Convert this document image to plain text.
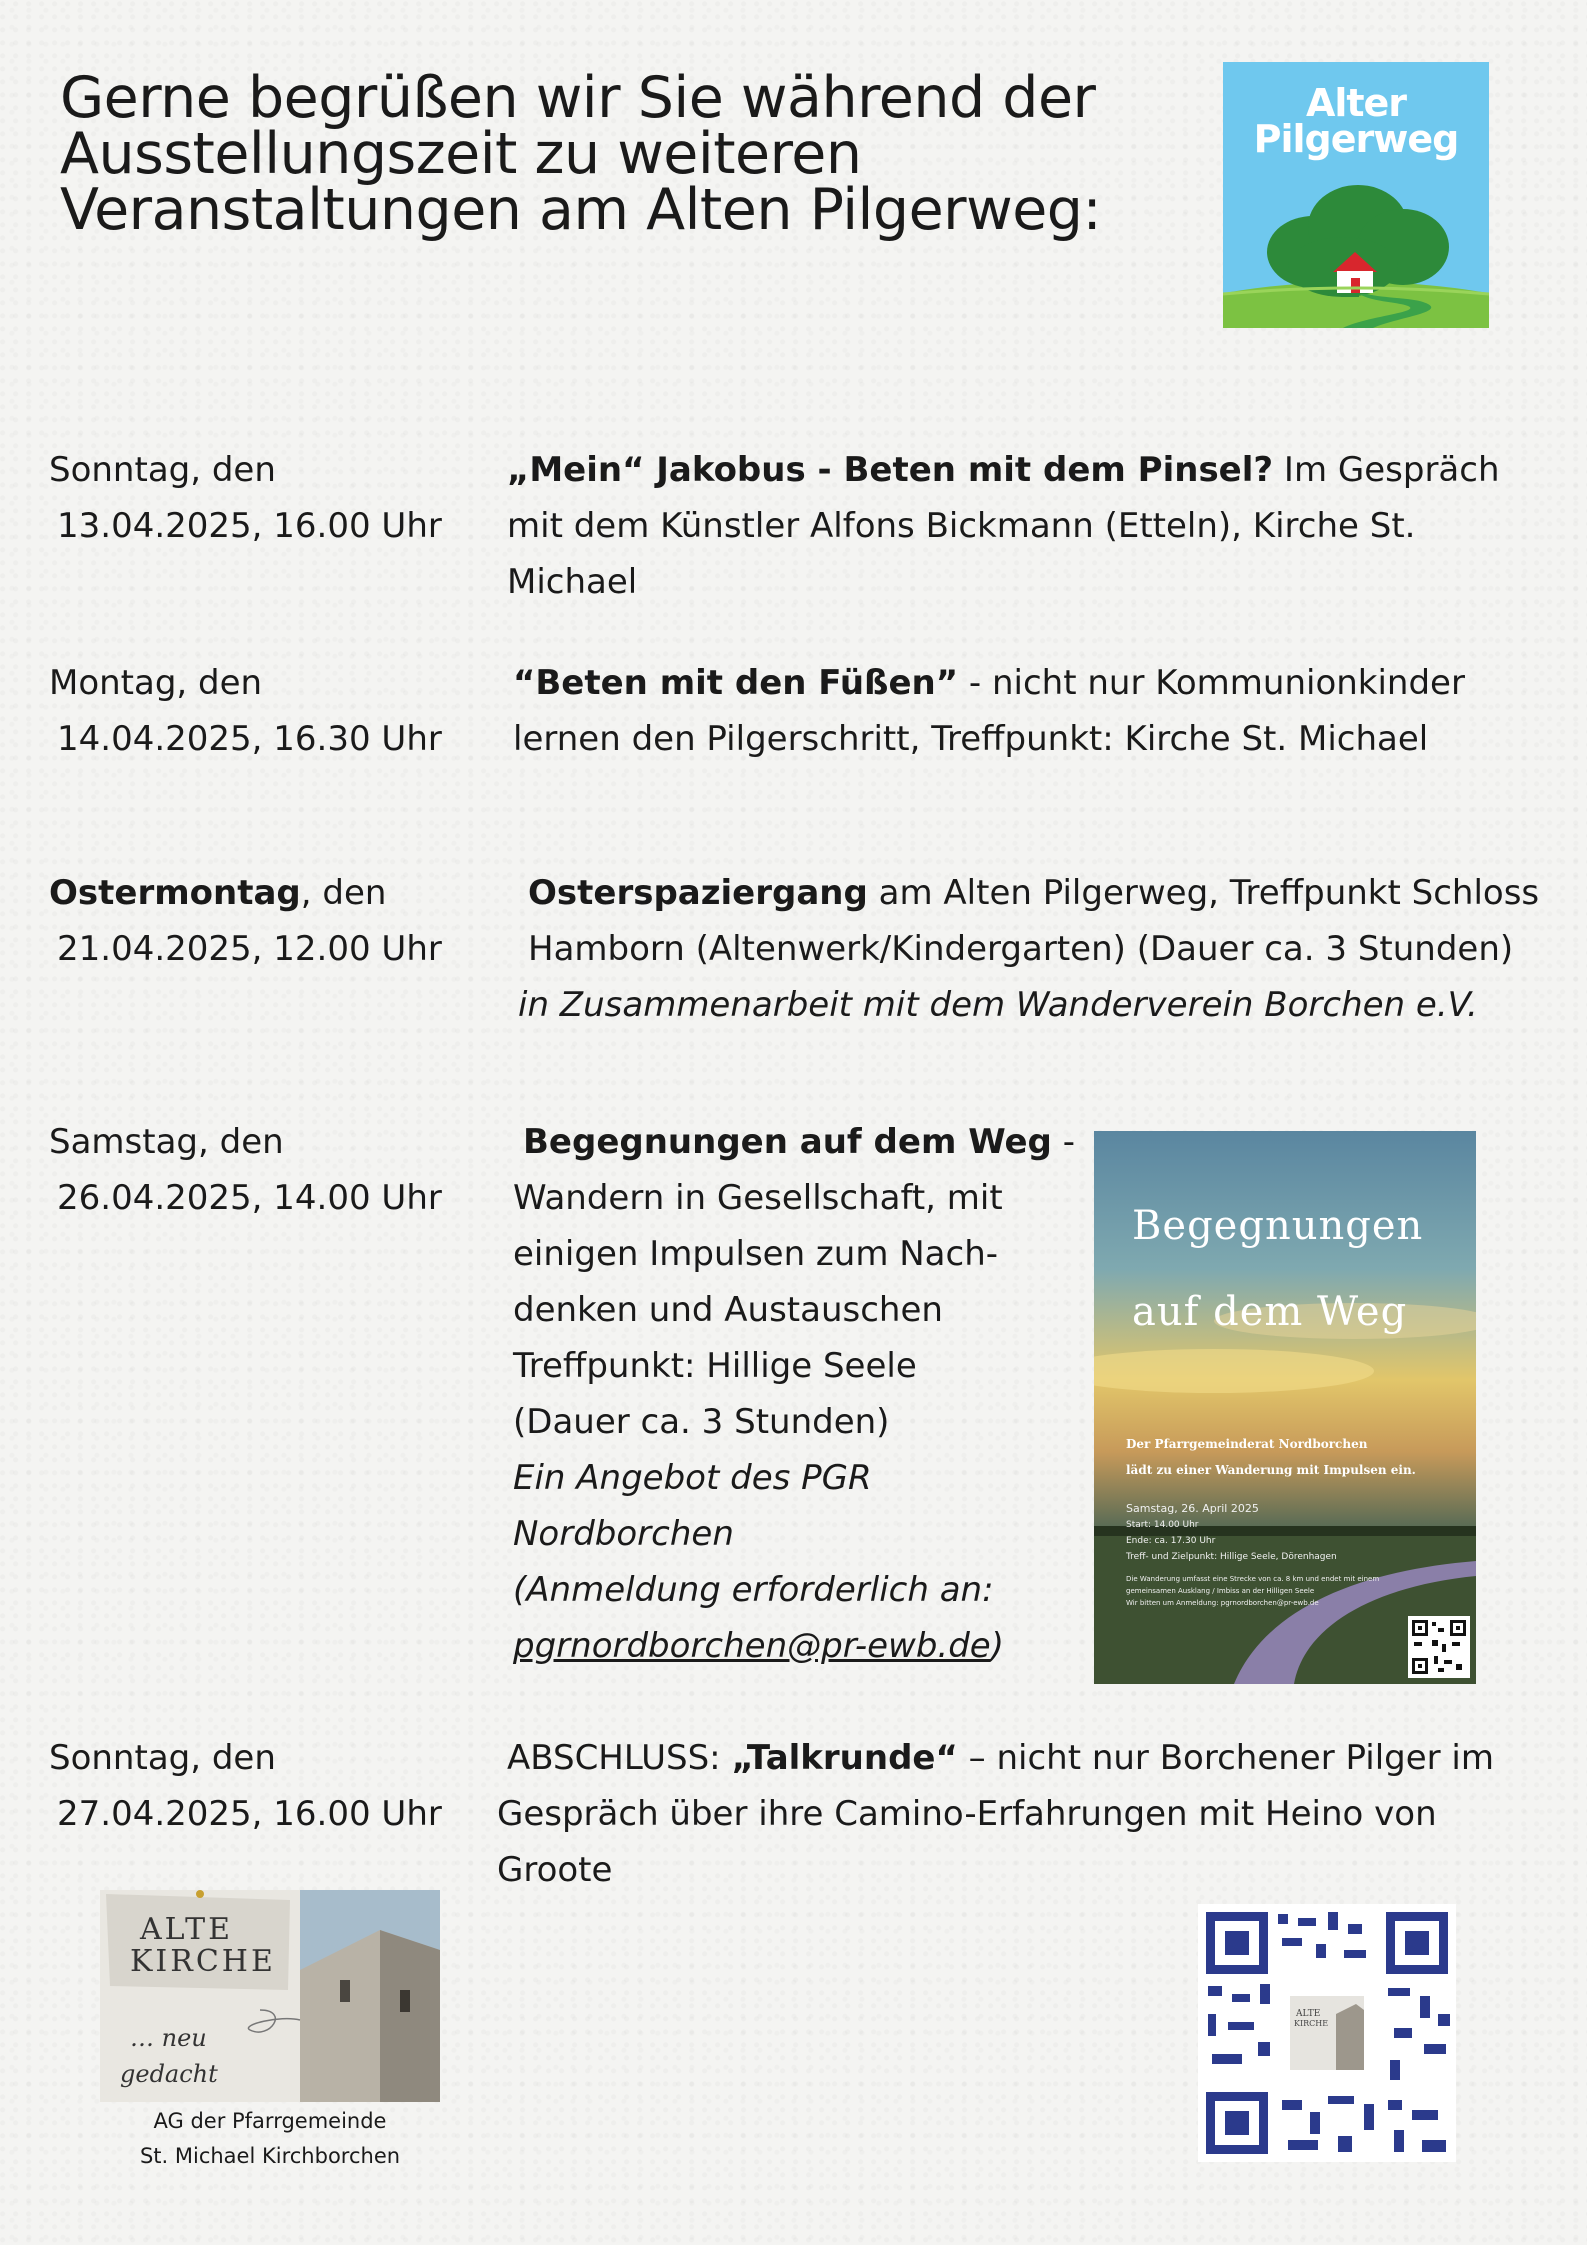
Gerne begrüßen wir Sie während der
Ausstellungszeit zu weiteren
Veranstaltungen am Alten Pilgerweg:
Alter
Pilgerweg
Sonntag, den
13.04.2025, 16.00 Uhr
„Mein“ Jakobus - Beten mit dem Pinsel? Im Gespräch mit dem Künstler Alfons Bickmann (Etteln), Kirche St. Michael
Montag, den
14.04.2025, 16.30 Uhr
“Beten mit den Füßen” - nicht nur Kommunionkinder lernen den Pilgerschritt, Treffpunkt: Kirche St. Michael
Ostermontag, den
21.04.2025, 12.00 Uhr
Osterspaziergang am Alten Pilgerweg, Treffpunkt Schloss Hamborn (Altenwerk/Kindergarten) (Dauer ca. 3 Stunden)
in Zusammenarbeit mit dem Wanderverein Borchen e.V.
Samstag, den
26.04.2025, 14.00 Uhr
Begegnungen auf dem Weg -
Wandern in Gesellschaft, mit
einigen Impulsen zum Nach-
denken und Austauschen
Treffpunkt: Hillige Seele
(Dauer ca. 3 Stunden)
Ein Angebot des PGR Nordborchen
(Anmeldung erforderlich an:
pgrnordborchen@pr-ewb.de)
Begegnungen
auf dem Weg
Der Pfarrgemeinderat Nordborchen
lädt zu einer Wanderung mit Impulsen ein.
Samstag, 26. April 2025
Start: 14.00 Uhr
Ende: ca. 17.30 Uhr
Treff- und Zielpunkt: Hillige Seele, Dörenhagen
Die Wanderung umfasst eine Strecke von ca. 8 km und endet mit einem gemeinsamen Ausklang / Imbiss an der Hilligen Seele
Wir bitten um Anmeldung: pgrnordborchen@pr-ewb.de
Sonntag, den
27.04.2025, 16.00 Uhr
ABSCHLUSS: „Talkrunde“ – nicht nur Borchener Pilger im Gespräch über ihre Camino-Erfahrungen mit Heino von Groote
ALTE
KIRCHE
… neu
gedacht
AG der Pfarrgemeinde
St. Michael Kirchborchen
ALTE
KIRCHE
